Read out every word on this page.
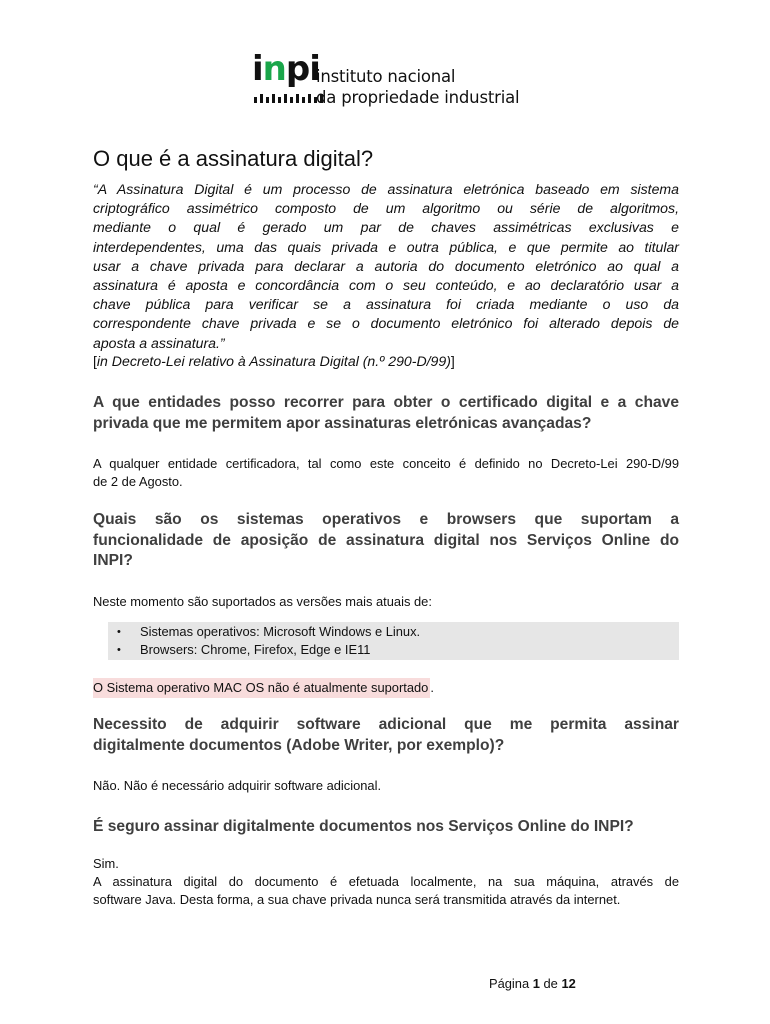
inpi
instituto nacional
da propriedade industrial
O que é a assinatura digital?
“A Assinatura Digital é um processo de assinatura eletrónica baseado em sistema
criptográfico assimétrico composto de um algoritmo ou série de algoritmos,
mediante o qual é gerado um par de chaves assimétricas exclusivas e
interdependentes, uma das quais privada e outra pública, e que permite ao titular
usar a chave privada para declarar a autoria do documento eletrónico ao qual a
assinatura é aposta e concordância com o seu conteúdo, e ao declaratório usar a
chave pública para verificar se a assinatura foi criada mediante o uso da
correspondente chave privada e se o documento eletrónico foi alterado depois de
aposta a assinatura.”
[in Decreto-Lei relativo à Assinatura Digital (n.º 290-D/99)]
A que entidades posso recorrer para obter o certificado digital e a chave
privada que me permitem apor assinaturas eletrónicas avançadas?
A qualquer entidade certificadora, tal como este conceito é definido no Decreto-Lei 290-D/99
de 2 de Agosto.
Quais são os sistemas operativos e browsers que suportam a
funcionalidade de aposição de assinatura digital nos Serviços Online do
INPI?
Neste momento são suportados as versões mais atuais de:
• Sistemas operativos: Microsoft Windows e Linux.
• Browsers: Chrome, Firefox, Edge e IE11
O Sistema operativo MAC OS não é atualmente suportado .
Necessito de adquirir software adicional que me permita assinar
digitalmente documentos (Adobe Writer, por exemplo)?
Não. Não é necessário adquirir software adicional.
É seguro assinar digitalmente documentos nos Serviços Online do INPI?
Sim.
A assinatura digital do documento é efetuada localmente, na sua máquina, através de
software Java. Desta forma, a sua chave privada nunca será transmitida através da internet.
Página 1 de 12
